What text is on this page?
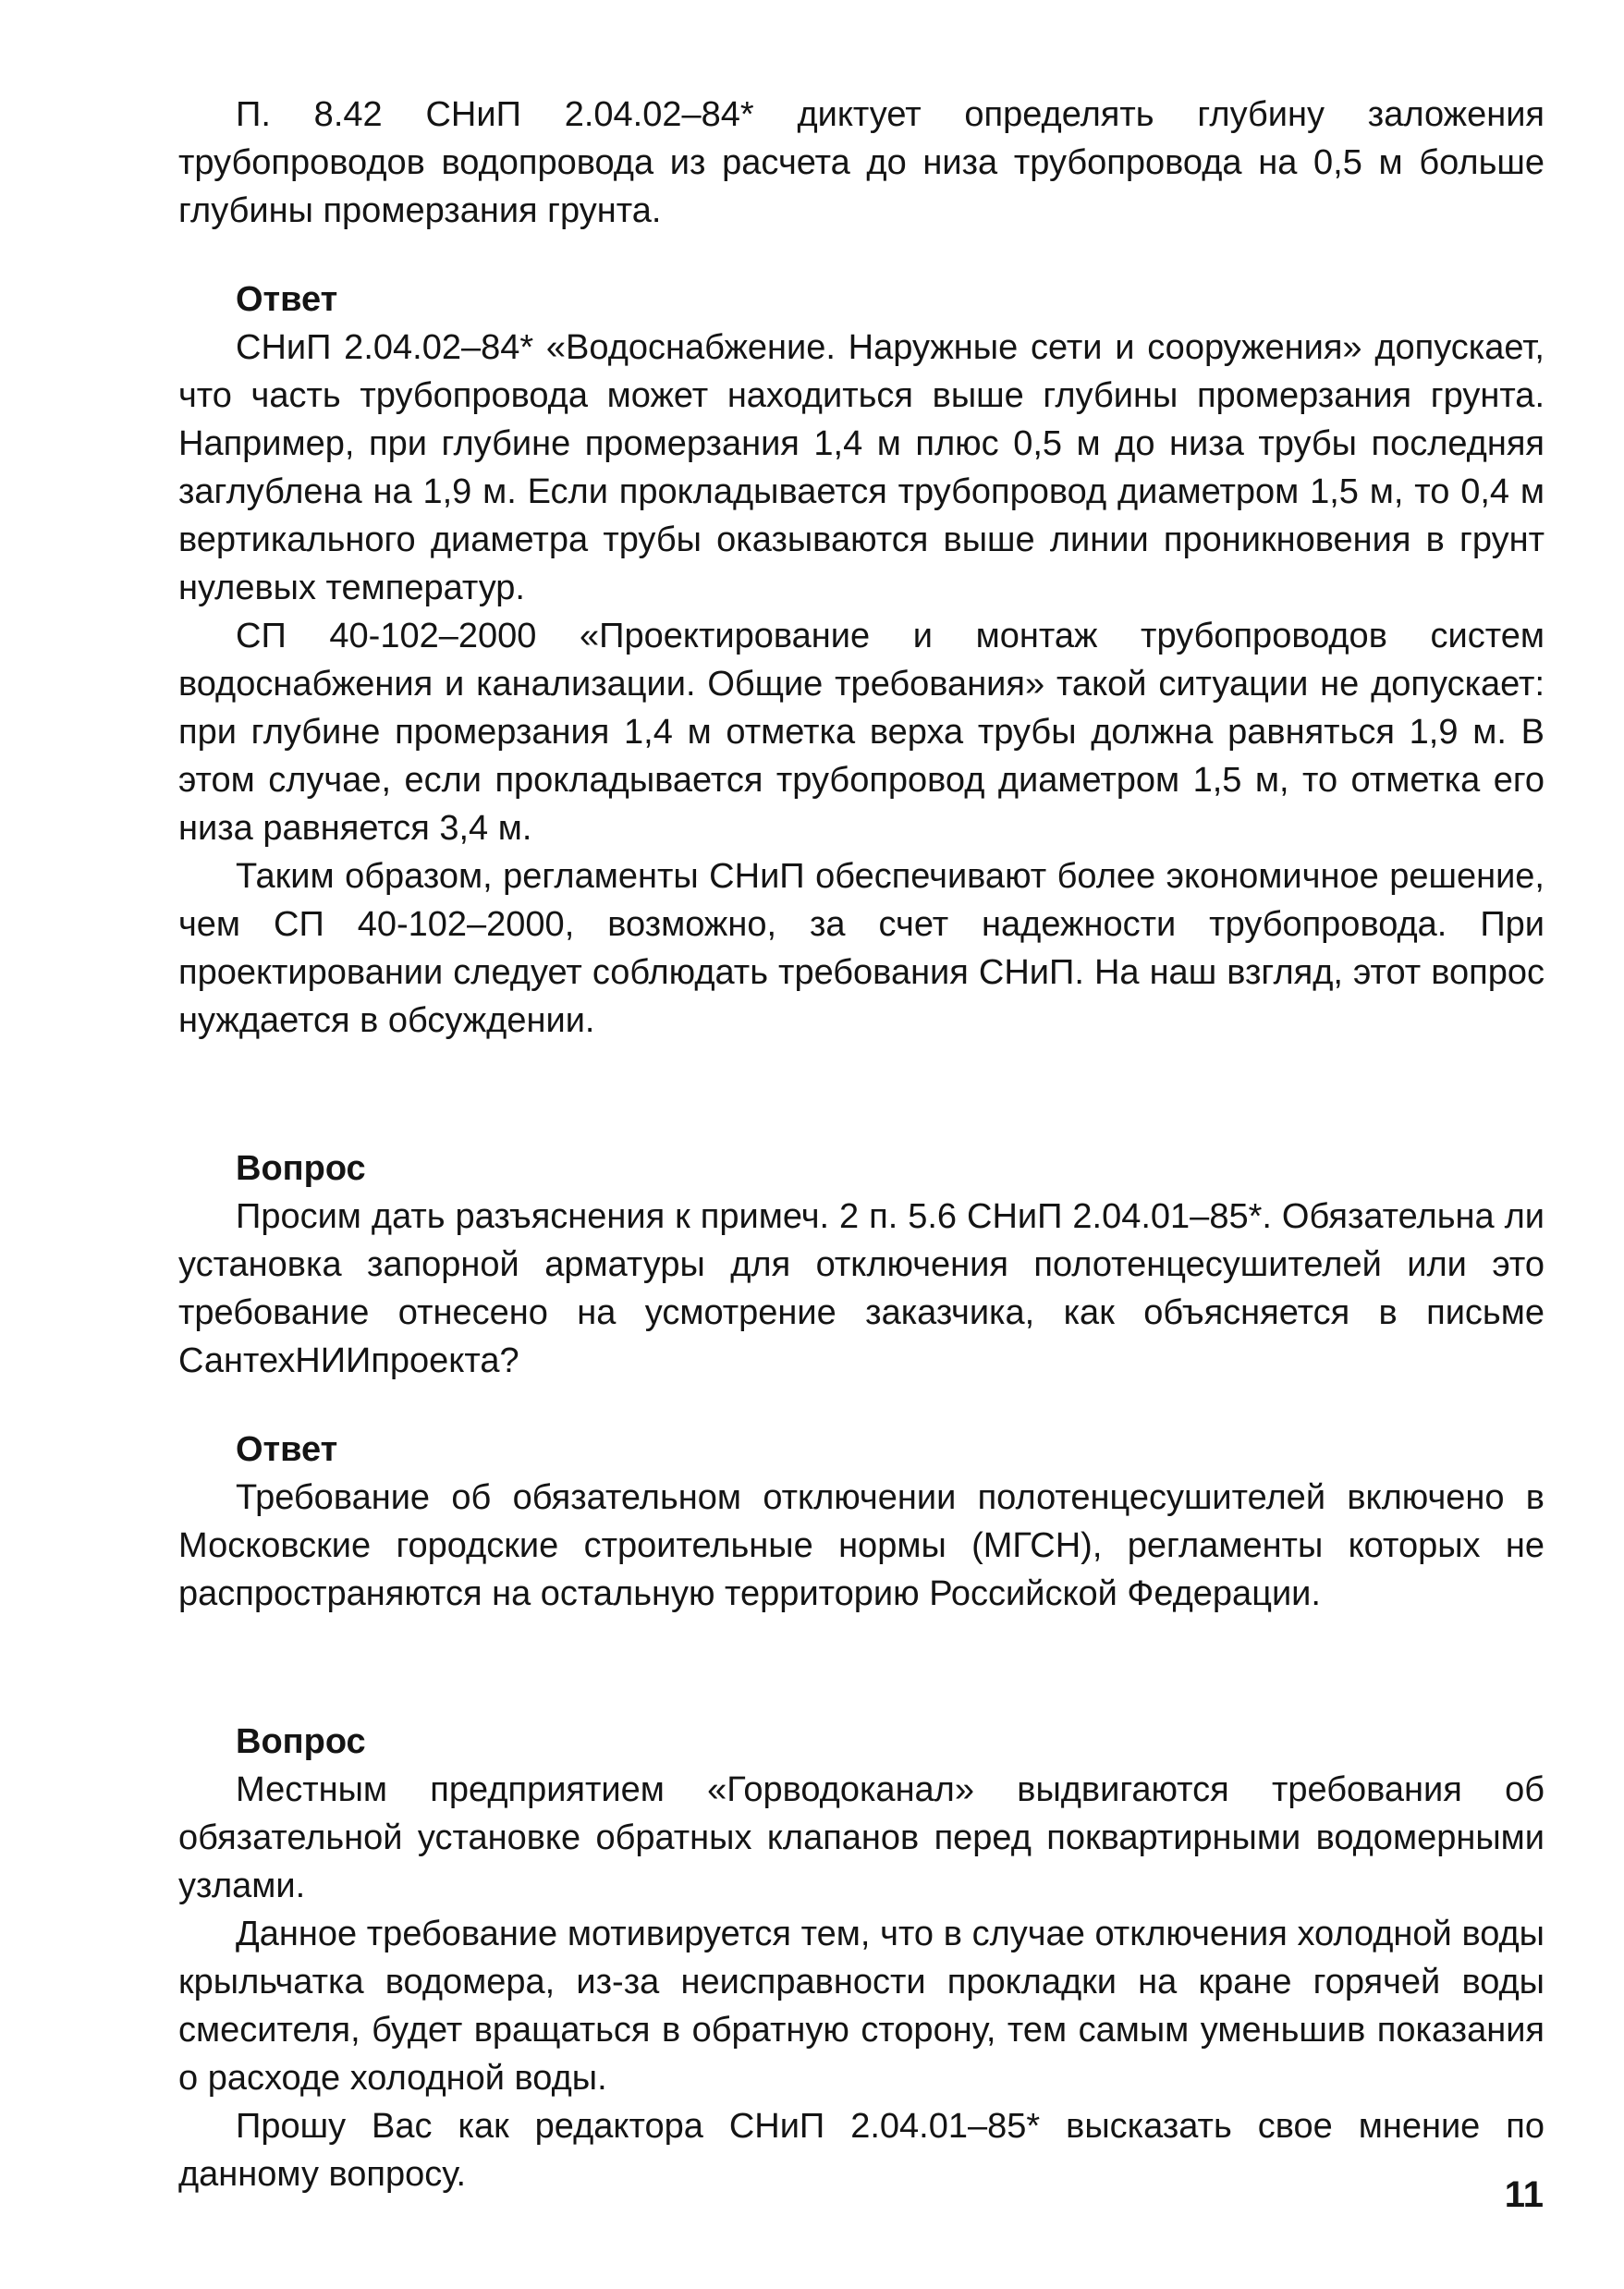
П. 8.42 СНиП 2.04.02–84* диктует определять глубину заложения трубопроводов водопровода из расчета до низа трубопровода на 0,5 м больше глубины промерзания грунта.

Ответ

СНиП 2.04.02–84* «Водоснабжение. Наружные сети и сооружения» допускает, что часть трубопровода может находиться выше глубины промерзания грунта. Например, при глубине промерзания 1,4 м плюс 0,5 м до низа трубы последняя заглублена на 1,9 м. Если прокладывается трубопровод диаметром 1,5 м, то 0,4 м вертикального диаметра трубы оказываются выше линии проникновения в грунт нулевых температур.

СП 40-102–2000 «Проектирование и монтаж трубопроводов систем водоснабжения и канализации. Общие требования» такой ситуации не допускает: при глубине промерзания 1,4 м отметка верха трубы должна равняться 1,9 м. В этом случае, если прокладывается трубопровод диаметром 1,5 м, то отметка его низа равняется 3,4 м.

Таким образом, регламенты СНиП обеспечивают более экономичное решение, чем СП 40-102–2000, возможно, за счет надежности трубопровода. При проектировании следует соблюдать требования СНиП. На наш взгляд, этот вопрос нуждается в обсуждении.

Вопрос

Просим дать разъяснения к примеч. 2 п. 5.6 СНиП 2.04.01–85*. Обязательна ли установка запорной арматуры для отключения полотенцесушителей или это требование отнесено на усмотрение заказчика, как объясняется в письме СантехНИИпроекта?

Ответ

Требование об обязательном отключении полотенцесушителей включено в Московские городские строительные нормы (МГСН), регламенты которых не распространяются на остальную территорию Российской Федерации.

Вопрос

Местным предприятием «Горводоканал» выдвигаются требования об обязательной установке обратных клапанов перед поквартирными водомерными узлами.

Данное требование мотивируется тем, что в случае отключения холодной воды крыльчатка водомера, из-за неисправности прокладки на кране горячей воды смесителя, будет вращаться в обратную сторону, тем самым уменьшив показания о расходе холодной воды.

Прошу Вас как редактора СНиП 2.04.01–85* высказать свое мнение по данному вопросу.	11
